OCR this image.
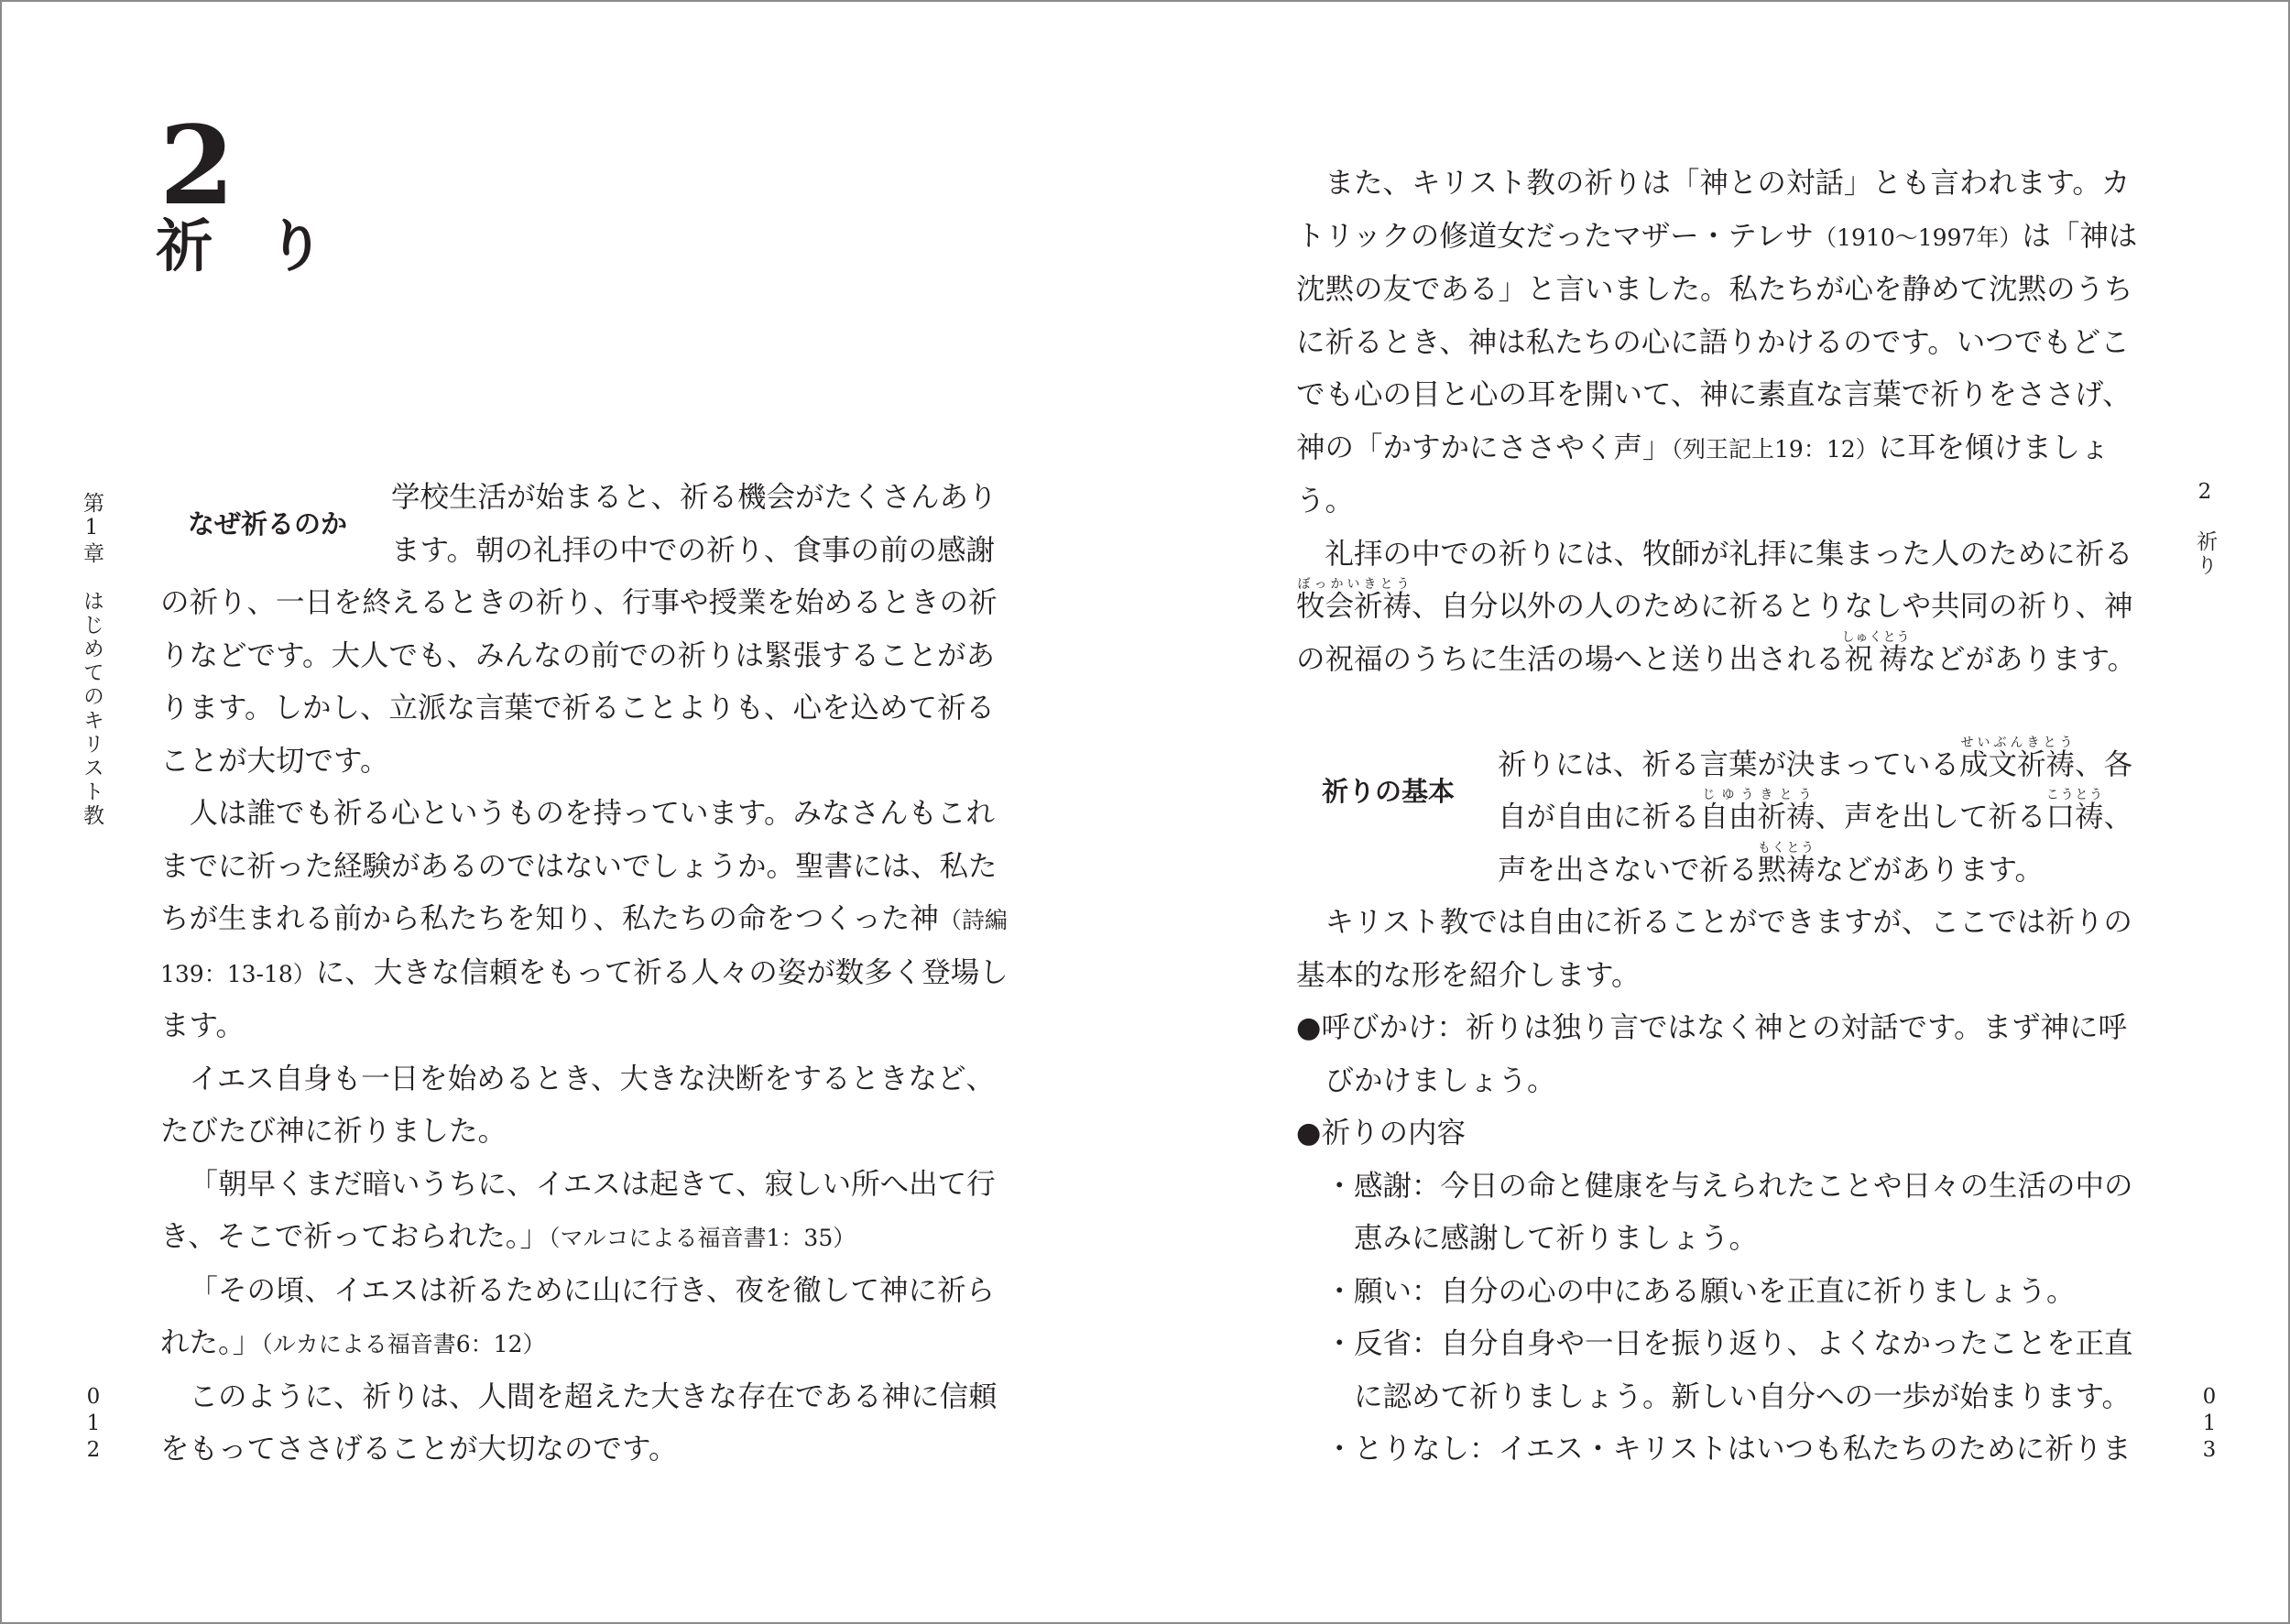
2
祈り
第1章　はじめてのキリスト教
012
なぜ祈るのか

学校生活が始まると、祈る機会がたくさんあります。朝の礼拝の中での祈り、食事の前の感謝の祈り、一日を終えるときの祈り、行事や授業を始めるときの祈りなどです。大人でも、みんなの前での祈りは緊張することがあります。しかし、立派な言葉で祈ることよりも、心を込めて祈ることが大切です。

人は誰でも祈る心というものを持っています。みなさんもこれまでに祈った経験があるのではないでしょうか。聖書には、私たちが生まれる前から私たちを知り、私たちの命をつくった神（詩編139：13-18）に、大きな信頼をもって祈る人々の姿が数多く登場します。

イエス自身も一日を始めるとき、大きな決断をするときなど、たびたび神に祈りました。

「朝早くまだ暗いうちに、イエスは起きて、寂しい所へ出て行き、そこで祈っておられた。」（マルコによる福音書1：35）

「その頃、イエスは祈るために山に行き、夜を徹して神に祈られた。」（ルカによる福音書6：12）

このように、祈りは、人間を超えた大きな存在である神に信頼をもってささげることが大切なのです。

2　祈り
013

また、キリスト教の祈りは「神との対話」とも言われます。カトリックの修道女だったマザー・テレサ（1910〜1997年）は「神は沈黙の友である」と言いました。私たちが心を静めて沈黙のうちに祈るとき、神は私たちの心に語りかけるのです。いつでもどこでも心の目と心の耳を開いて、神に素直な言葉で祈りをささげ、神の「かすかにささやく声」（列王記上19：12）に耳を傾けましょう。

礼拝の中での祈りには、牧師が礼拝に集まった人のために祈る牧会祈祷ぼっかいきとう、自分以外の人のために祈るとりなしや共同の祈り、神の祝福のうちに生活の場へと送り出される祝祷しゅくとうなどがあります。

祈りの基本

祈りには、祈る言葉が決まっている成文祈祷せいぶんきとう、各自が自由に祈る自由祈祷じゆうきとう、声を出して祈る口祷こうとう、声を出さないで祈る黙祷もくとうなどがあります。

キリスト教では自由に祈ることができますが、ここでは祈りの基本的な形を紹介します。

●呼びかけ：祈りは独り言ではなく神との対話です。まず神に呼びかけましょう。

●祈りの内容

・感謝：今日の命と健康を与えられたことや日々の生活の中の恵みに感謝して祈りましょう。

・願い：自分の心の中にある願いを正直に祈りましょう。

・反省：自分自身や一日を振り返り、よくなかったことを正直に認めて祈りましょう。新しい自分への一歩が始まります。

・とりなし：イエス・キリストはいつも私たちのために祈りま
